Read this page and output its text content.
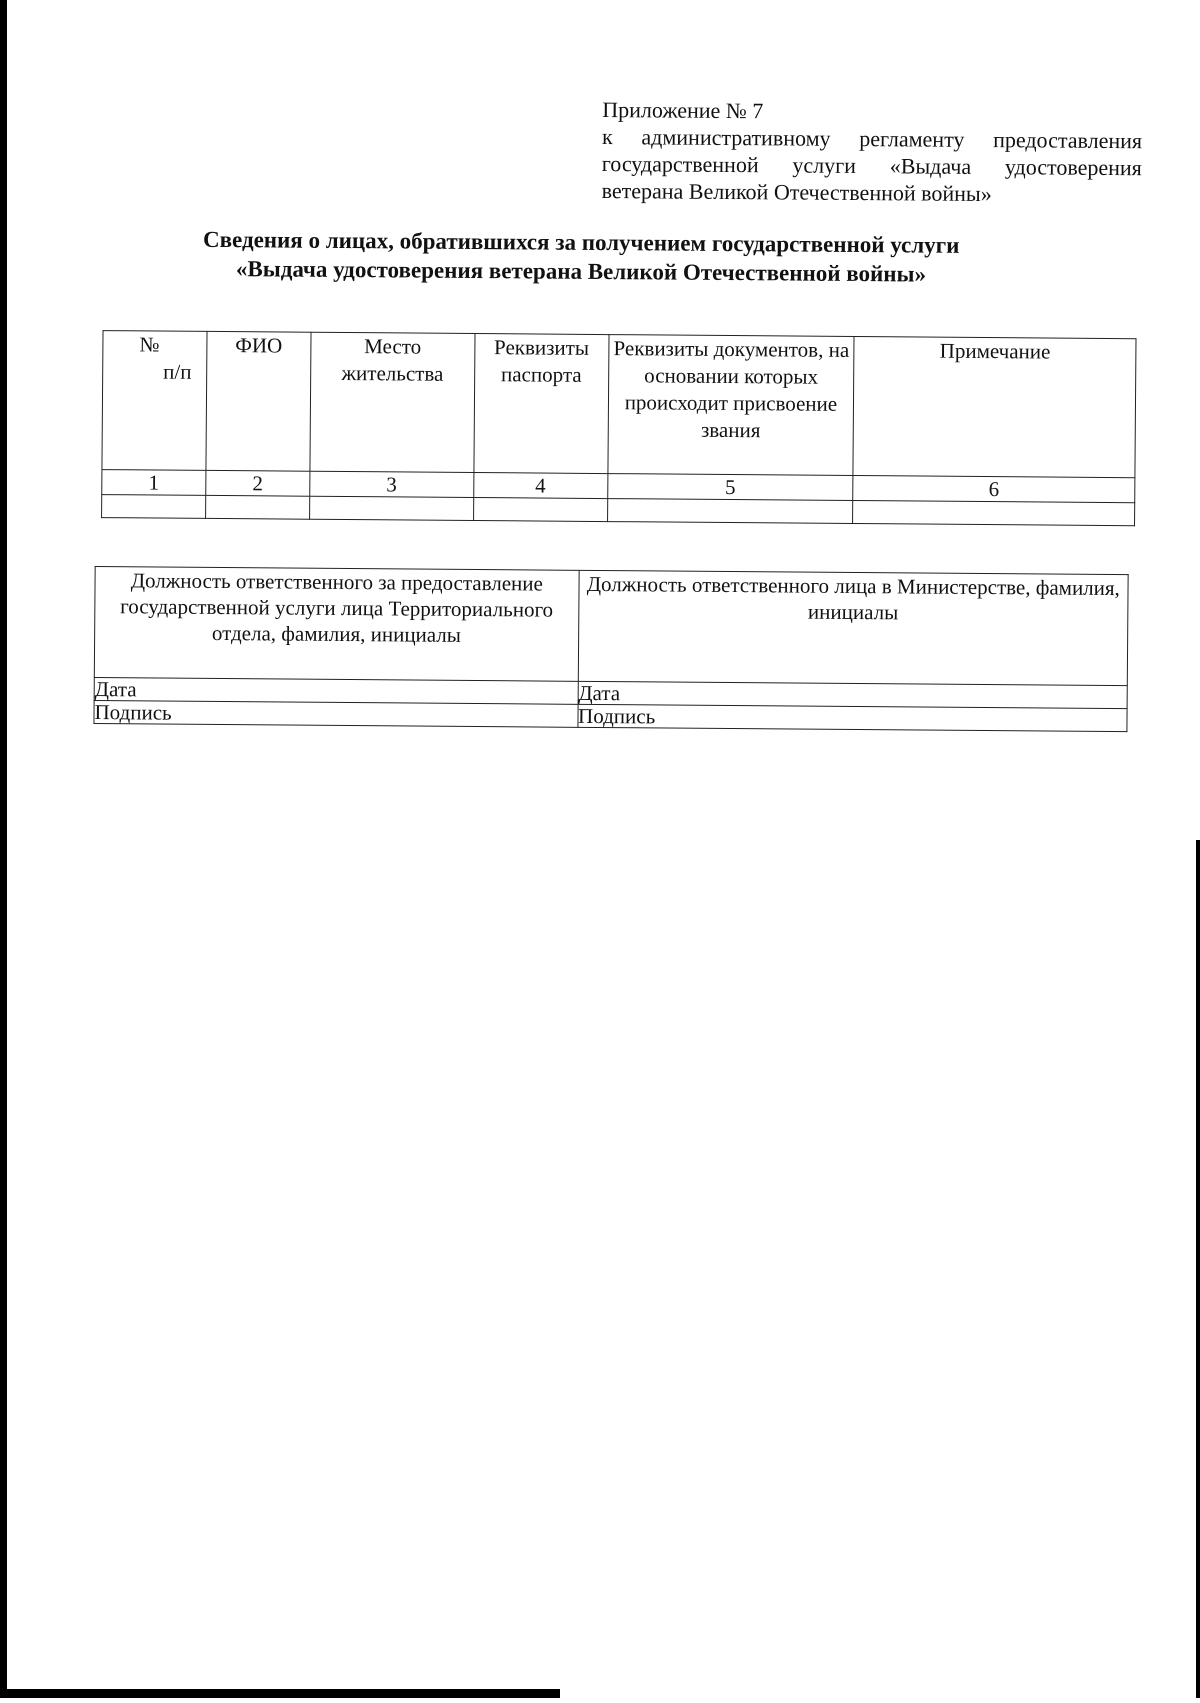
Приложение № 7
к административному регламенту предоставления государственной услуги «Выдача удостоверения ветерана Великой Отечественной войны»
Сведения о лицах, обратившихся за получением государственной услуги
«Выдача удостоверения ветерана Великой Отечественной войны»
№
п/п	ФИО	Место жительства	Реквизиты паспорта	Реквизиты документов, на основании которых происходит присвоение звания	Примечание
1	2	3	4	5	6

Должность ответственного за предоставление государственной услуги лица Территориального отдела, фамилия, инициалы	Должность ответственного лица в Министерстве, фамилия, инициалы
Дата	Дата
Подпись	Подпись
